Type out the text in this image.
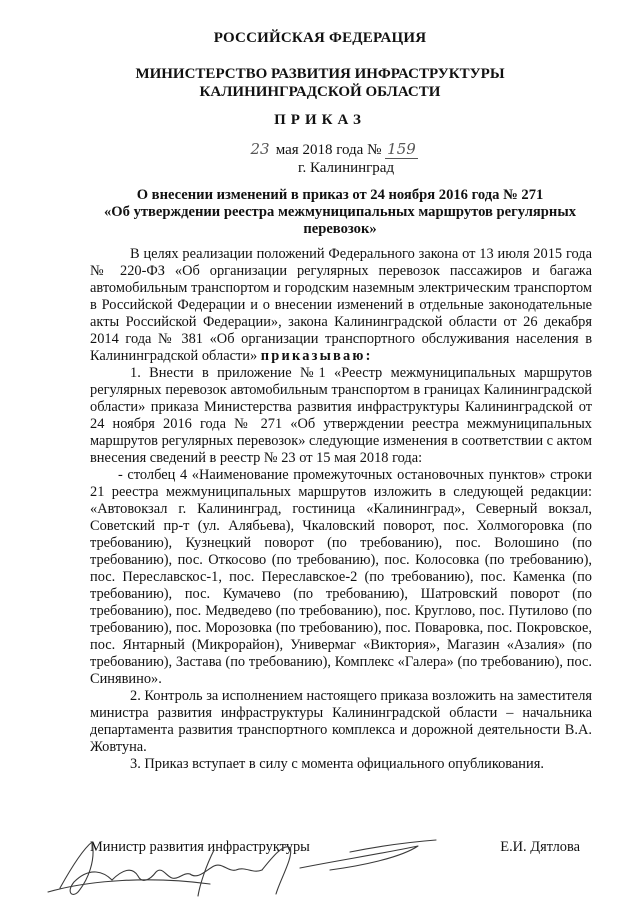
РОССИЙСКАЯ ФЕДЕРАЦИЯ
МИНИСТЕРСТВО РАЗВИТИЯ ИНФРАСТРУКТУРЫ
КАЛИНИНГРАДСКОЙ ОБЛАСТИ
ПРИКАЗ
23 мая 2018 года № 159
г. Калининград
О внесении изменений в приказ от 24 ноября 2016 года № 271
«Об утверждении реестра межмуниципальных маршрутов регулярных перевозок»

В целях реализации положений Федерального закона от 13 июля 2015 года № 220-ФЗ «Об организации регулярных перевозок пассажиров и багажа автомобильным транспортом и городским наземным электрическим транспортом в Российской Федерации и о внесении изменений в отдельные законодательные акты Российской Федерации», закона Калининградской области от 26 декабря 2014 года № 381 «Об организации транспортного обслуживания населения в Калининградской области» приказываю:

1. Внести в приложение №1 «Реестр межмуниципальных маршрутов регулярных перевозок автомобильным транспортом в границах Калининградской области» приказа Министерства развития инфраструктуры Калининградской от 24 ноября 2016 года № 271 «Об утверждении реестра межмуниципальных маршрутов регулярных перевозок» следующие изменения в соответствии с актом внесения сведений в реестр № 23 от 15 мая 2018 года:

- столбец 4 «Наименование промежуточных остановочных пунктов» строки 21 реестра межмуниципальных маршрутов изложить в следующей редакции: «Автовокзал г. Калининград, гостиница «Калининград», Северный вокзал, Советский пр-т (ул. Алябьева), Чкаловский поворот, пос. Холмогоровка (по требованию), Кузнецкий поворот (по требованию), пос. Волошино (по требованию), пос. Откосово (по требованию), пос. Колосовка (по требованию), пос. Переславскос-1, пос. Переславское-2 (по требованию), пос. Каменка (по требованию), пос. Кумачево (по требованию), Шатровский поворот (по требованию), пос. Медведево (по требованию), пос. Круглово, пос. Путилово (по требованию), пос. Морозовка (по требованию), пос. Поваровка, пос. Покровское, пос. Янтарный (Микрорайон), Универмаг «Виктория», Магазин «Азалия» (по требованию), Застава (по требованию), Комплекс «Галера» (по требованию), пос. Синявино».

2. Контроль за исполнением настоящего приказа возложить на заместителя министра развития инфраструктуры Калининградской области – начальника департамента развития транспортного комплекса и дорожной деятельности В.А. Жовтуна.

3. Приказ вступает в силу с момента официального опубликования.

Министр развития инфраструктуры	Е.И. Дятлова
